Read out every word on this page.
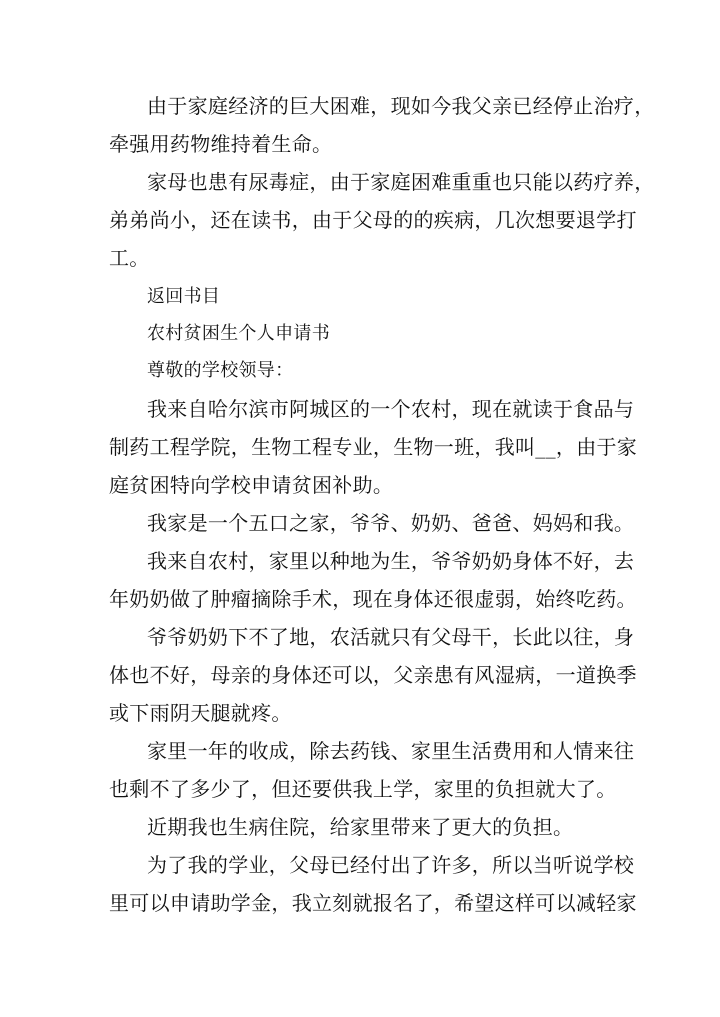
由于家庭经济的巨大困难，现如今我父亲已经停止治疗，

牵强用药物维持着生命。

家母也患有尿毒症，由于家庭困难重重也只能以药疗养，

弟弟尚小，还在读书，由于父母的的疾病，几次想要退学打

工。

返回书目

农村贫困生个人申请书

尊敬的学校领导：

我来自哈尔滨市阿城区的一个农村，现在就读于食品与

制药工程学院，生物工程专业，生物一班，我叫__，由于家

庭贫困特向学校申请贫困补助。

我家是一个五口之家，爷爷、奶奶、爸爸、妈妈和我。

我来自农村，家里以种地为生，爷爷奶奶身体不好，去

年奶奶做了肿瘤摘除手术，现在身体还很虚弱，始终吃药。

爷爷奶奶下不了地，农活就只有父母干，长此以往，身

体也不好，母亲的身体还可以，父亲患有风湿病，一道换季

或下雨阴天腿就疼。

家里一年的收成，除去药钱、家里生活费用和人情来往

也剩不了多少了，但还要供我上学，家里的负担就大了。

近期我也生病住院，给家里带来了更大的负担。

为了我的学业，父母已经付出了许多，所以当听说学校

里可以申请助学金，我立刻就报名了，希望这样可以减轻家
